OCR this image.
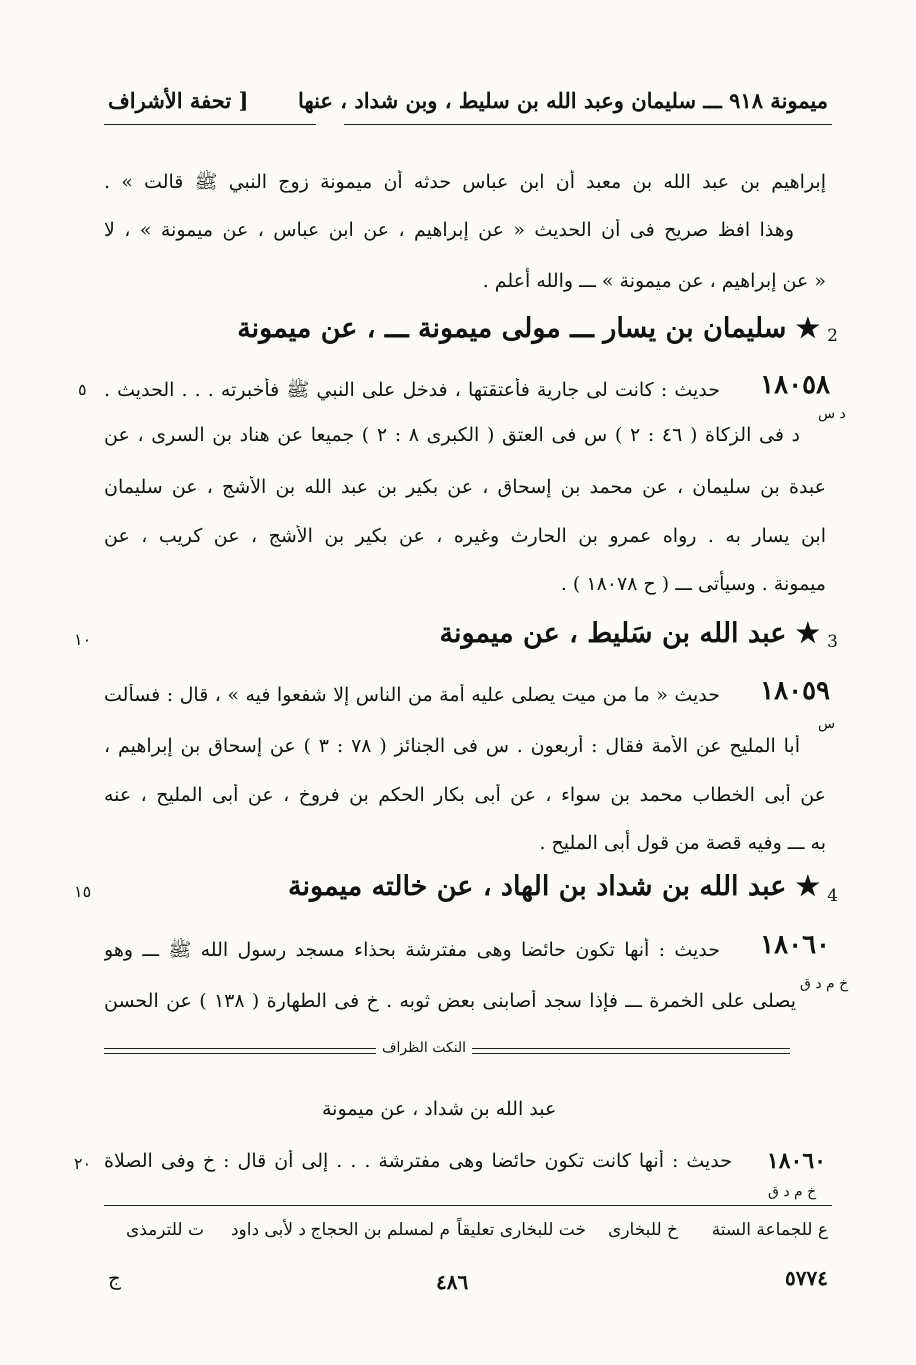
ميمونة ٩١٨ ـــ سليمان وعبد الله بن سليط ، وبن شداد ، عنها
[ تحفة الأشراف
إبراهيم بن عبد الله بن معبد أن ابن عباس حدثه أن ميمونة زوج النبي ﷺ قالت » .
وهذا افظ صريح فى أن الحديث « عن إبراهيم ، عن ابن عباس ، عن ميمونة » ، لا
« عن إبراهيم ، عن ميمونة » ـــ والله أعلم .
2
★ سليمان بن يسار ـــ مولى ميمونة ـــ ، عن ميمونة
١٨٠٥٨
حديث : كانت لى جارية فأعتقتها ، فدخل على النبي ﷺ فأخبرته . . . الحديث .
٥
د س
د فى الزكاة ( ٤٦ : ٢ ) س فى العتق ( الكبرى ٨ : ٢ ) جميعا عن هناد بن السرى ، عن
عبدة بن سليمان ، عن محمد بن إسحاق ، عن بكير بن عبد الله بن الأشج ، عن سليمان
ابن يسار به . رواه عمرو بن الحارث وغيره ، عن بكير بن الأشج ، عن كريب ، عن
ميمونة . وسيأتى ـــ ( ح ١٨٠٧٨ ) .
١٠	3
★ عبد الله بن سَليط ، عن ميمونة
١٨٠٥٩
حديث « ما من ميت يصلى عليه أمة من الناس إلا شفعوا فيه » ، قال : فسألت
س
أبا المليح عن الأمة فقال : أربعون . س فى الجنائز ( ٧٨ : ٣ ) عن إسحاق بن إبراهيم ،
عن أبى الخطاب محمد بن سواء ، عن أبى بكار الحكم بن فروخ ، عن أبى المليح ، عنه
به ـــ وفيه قصة من قول أبى المليح .
١٥	4
★ عبد الله بن شداد بن الهاد ، عن خالته ميمونة
١٨٠٦٠
حديث : أنها تكون حائضا وهى مفترشة بحذاء مسجد رسول الله ﷺ ـــ وهو
خ م د ق
يصلى على الخمرة ـــ فإذا سجد أصابنى بعض ثوبه . خ فى الطهارة ( ١٣٨ ) عن الحسن
النكت الظراف
عبد الله بن شداد ، عن ميمونة
١٨٠٦٠
حديث : أنها كانت تكون حائضا وهى مفترشة . . . إلى أن قال : خ وفى الصلاة
٢٠
خ م د ق
ع للجماعة الستة
خ للبخارى
خت للبخارى تعليقاً
م لمسلم بن الحجاج
د لأبى داود
ت للترمذى
٥٧٧٤
٤٨٦
ج
